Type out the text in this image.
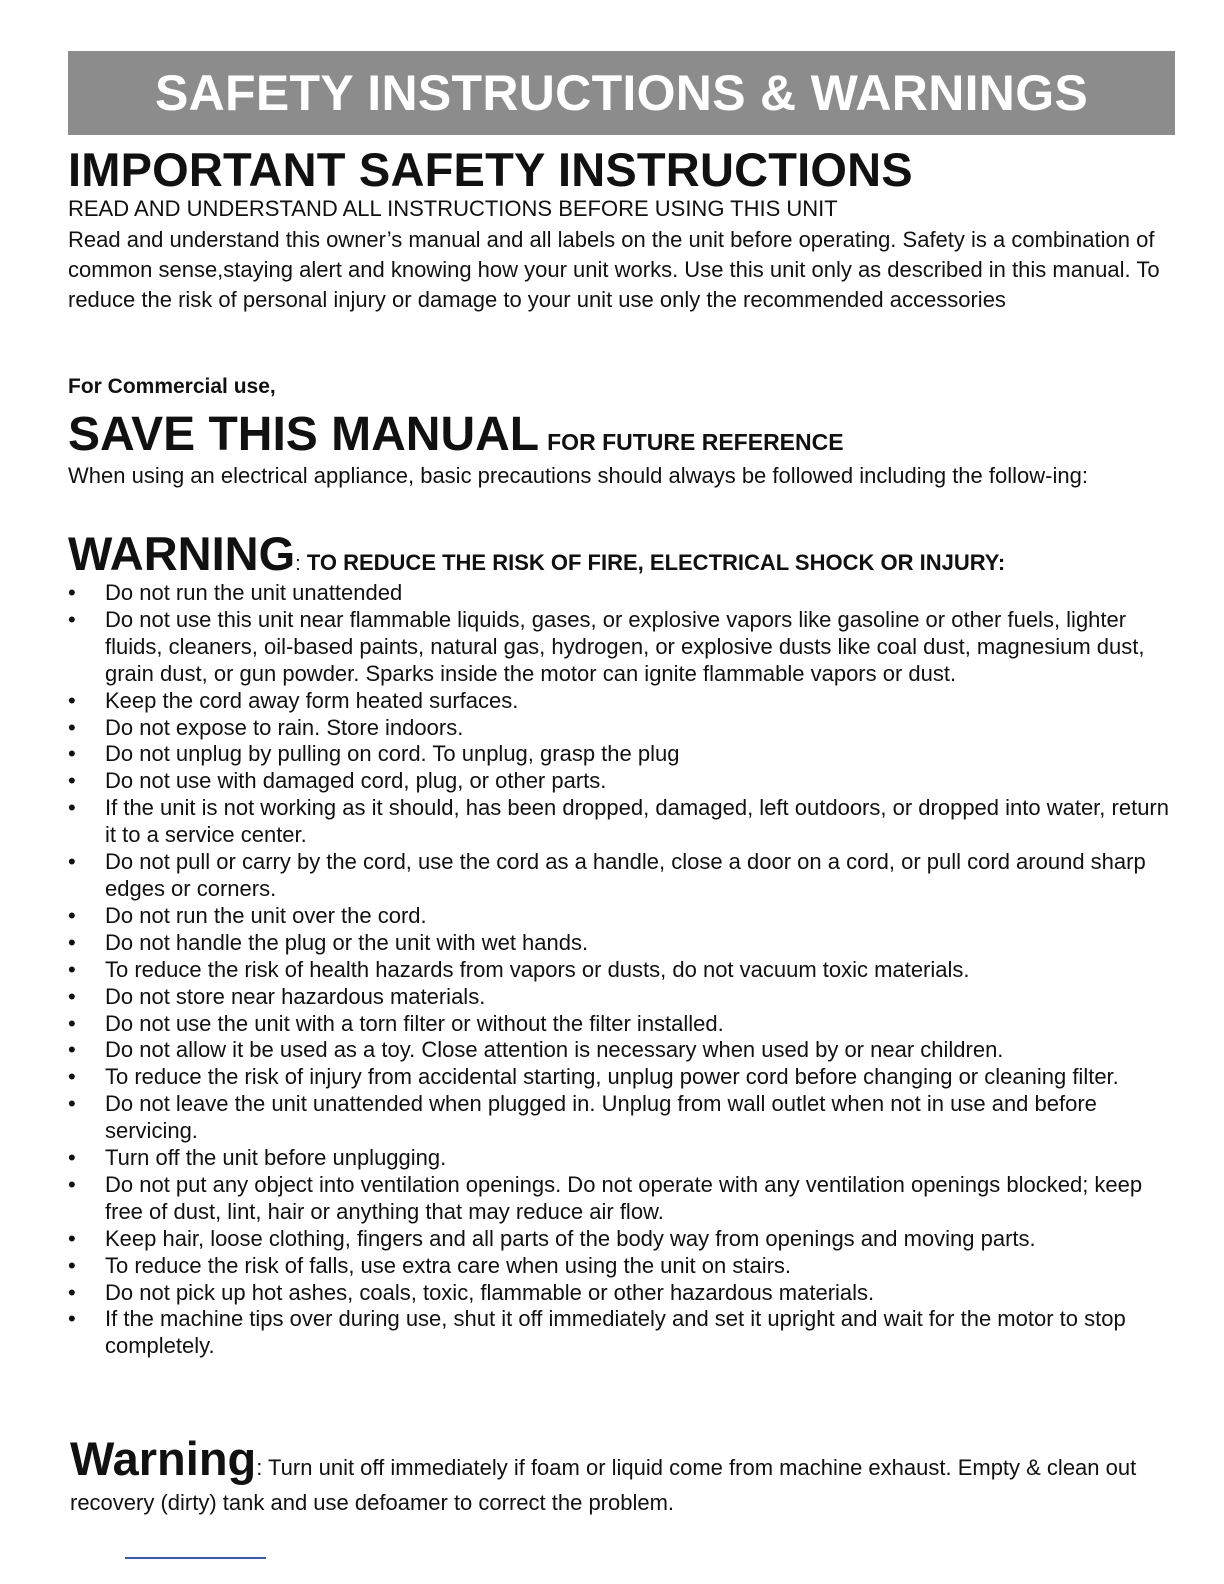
SAFETY INSTRUCTIONS & WARNINGS
IMPORTANT SAFETY INSTRUCTIONS
READ AND UNDERSTAND ALL INSTRUCTIONS BEFORE USING THIS UNIT
Read and understand this owner’s manual and all labels on the unit before operating. Safety is a combination of common sense,staying alert and knowing how your unit works. Use this unit only as described in this manual. To reduce the risk of personal injury or damage to your unit use only the recommended accessories
For Commercial use,
SAVE THIS MANUAL FOR FUTURE REFERENCE
When using an electrical appliance, basic precautions should always be followed including the follow-ing:
WARNING: TO REDUCE THE RISK OF FIRE, ELECTRICAL SHOCK OR INJURY:
• Do not run the unit unattended
• Do not use this unit near flammable liquids, gases, or explosive vapors like gasoline or other fuels, lighter fluids, cleaners, oil-based paints, natural gas, hydrogen, or explosive dusts like coal dust, magnesium dust, grain dust, or gun powder. Sparks inside the motor can ignite flammable vapors or dust.
• Keep the cord away form heated surfaces.
• Do not expose to rain. Store indoors.
• Do not unplug by pulling on cord. To unplug, grasp the plug
• Do not use with damaged cord, plug, or other parts.
• If the unit is not working as it should, has been dropped, damaged, left outdoors, or dropped into water, return it to a service center.
• Do not pull or carry by the cord, use the cord as a handle, close a door on a cord, or pull cord around sharp edges or corners.
• Do not run the unit over the cord.
• Do not handle the plug or the unit with wet hands.
• To reduce the risk of health hazards from vapors or dusts, do not vacuum toxic materials.
• Do not store near hazardous materials.
• Do not use the unit with a torn filter or without the filter installed.
• Do not allow it be used as a toy. Close attention is necessary when used by or near children.
• To reduce the risk of injury from accidental starting, unplug power cord before changing or cleaning filter.
• Do not leave the unit unattended when plugged in. Unplug from wall outlet when not in use and before servicing.
• Turn off the unit before unplugging.
• Do not put any object into ventilation openings. Do not operate with any ventilation openings blocked; keep free of dust, lint, hair or anything that may reduce air flow.
• Keep hair, loose clothing, fingers and all parts of the body way from openings and moving parts.
• To reduce the risk of falls, use extra care when using the unit on stairs.
• Do not pick up hot ashes, coals, toxic, flammable or other hazardous materials.
• If the machine tips over during use, shut it off immediately and set it upright and wait for the motor to stop completely.
Warning: Turn unit off immediately if foam or liquid come from machine exhaust. Empty & clean out recovery (dirty) tank and use defoamer to correct the problem.
